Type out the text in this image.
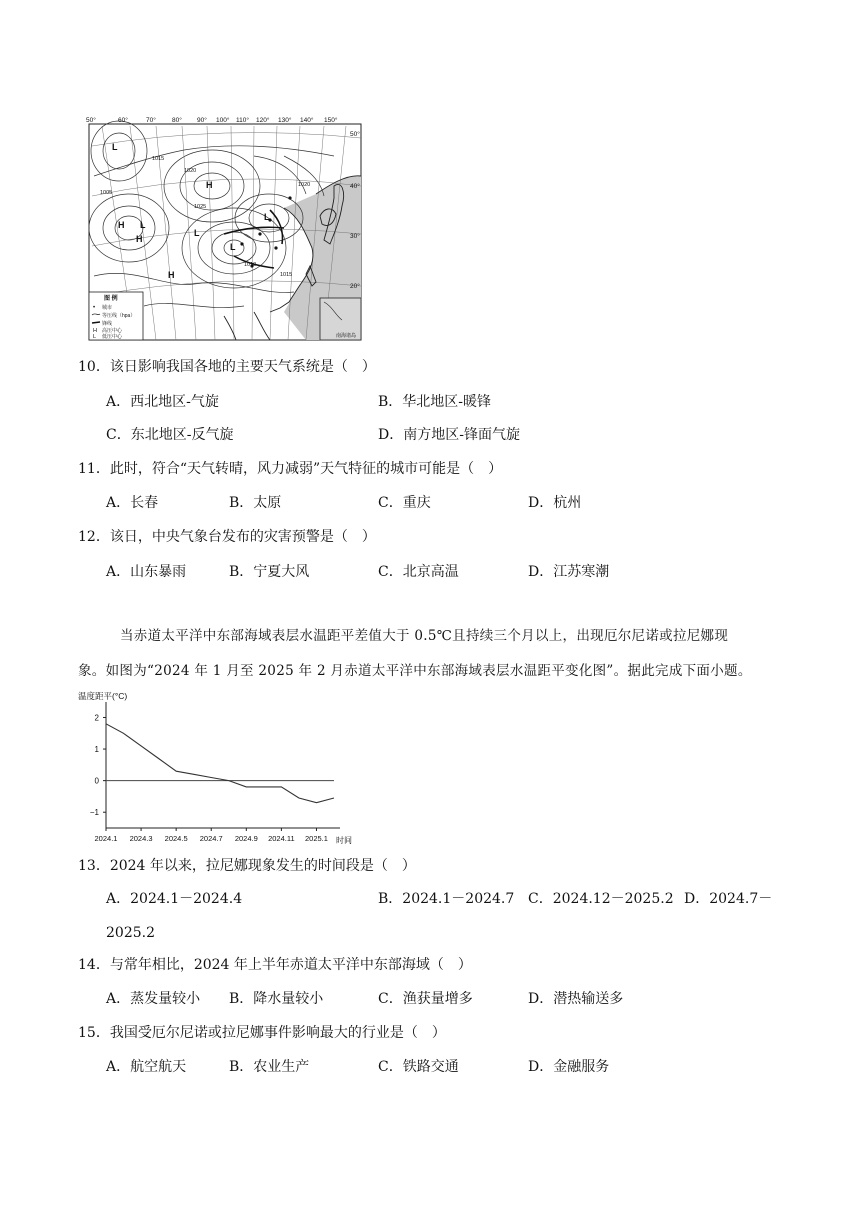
50°	60°	70° 80° 90° 100° 110° 120° 130° 140° 150°
50°
40°
30°
20°
L
H
H L
H
L
L
H
L
1015
1020
1025
1005
1010
1015
1020
图 例
• 城市
等压线（hpa）
锋线
H 高压中心
L 低压中心	南海诸岛
10．该日影响我国各地的主要天气系统是（　）
A．西北地区-气旋	B．华北地区-暖锋
C．东北地区-反气旋	D．南方地区-锋面气旋
11．此时，符合“天气转晴，风力减弱”天气特征的城市可能是（　）
A．长春	B．太原	C．重庆	D．杭州
12．该日，中央气象台发布的灾害预警是（　）
A．山东暴雨	B．宁夏大风	C．北京高温	D．江苏寒潮
当赤道太平洋中东部海域表层水温距平差值大于 0.5℃且持续三个月以上，出现厄尔尼诺或拉尼娜现
象。如图为“2024 年 1 月至 2025 年 2 月赤道太平洋中东部海域表层水温距平变化图”。据此完成下面小题。
温度距平(°C)
时间
2
1
0
−1
2024.1 2024.3 2024.5 2024.7 2024.9 2024.11 2025.1
13．2024 年以来，拉尼娜现象发生的时间段是（　）
A．2024.1－2024.4	B．2024.1－2024.7 C．2024.12－2025.2 D．2024.7－
2025.2
14．与常年相比，2024 年上半年赤道太平洋中东部海域（　）
A．蒸发量较小 B．降水量较小	C．渔获量增多	D．潜热输送多
15．我国受厄尔尼诺或拉尼娜事件影响最大的行业是（　）
A．航空航天	B．农业生产	C．铁路交通	D．金融服务
